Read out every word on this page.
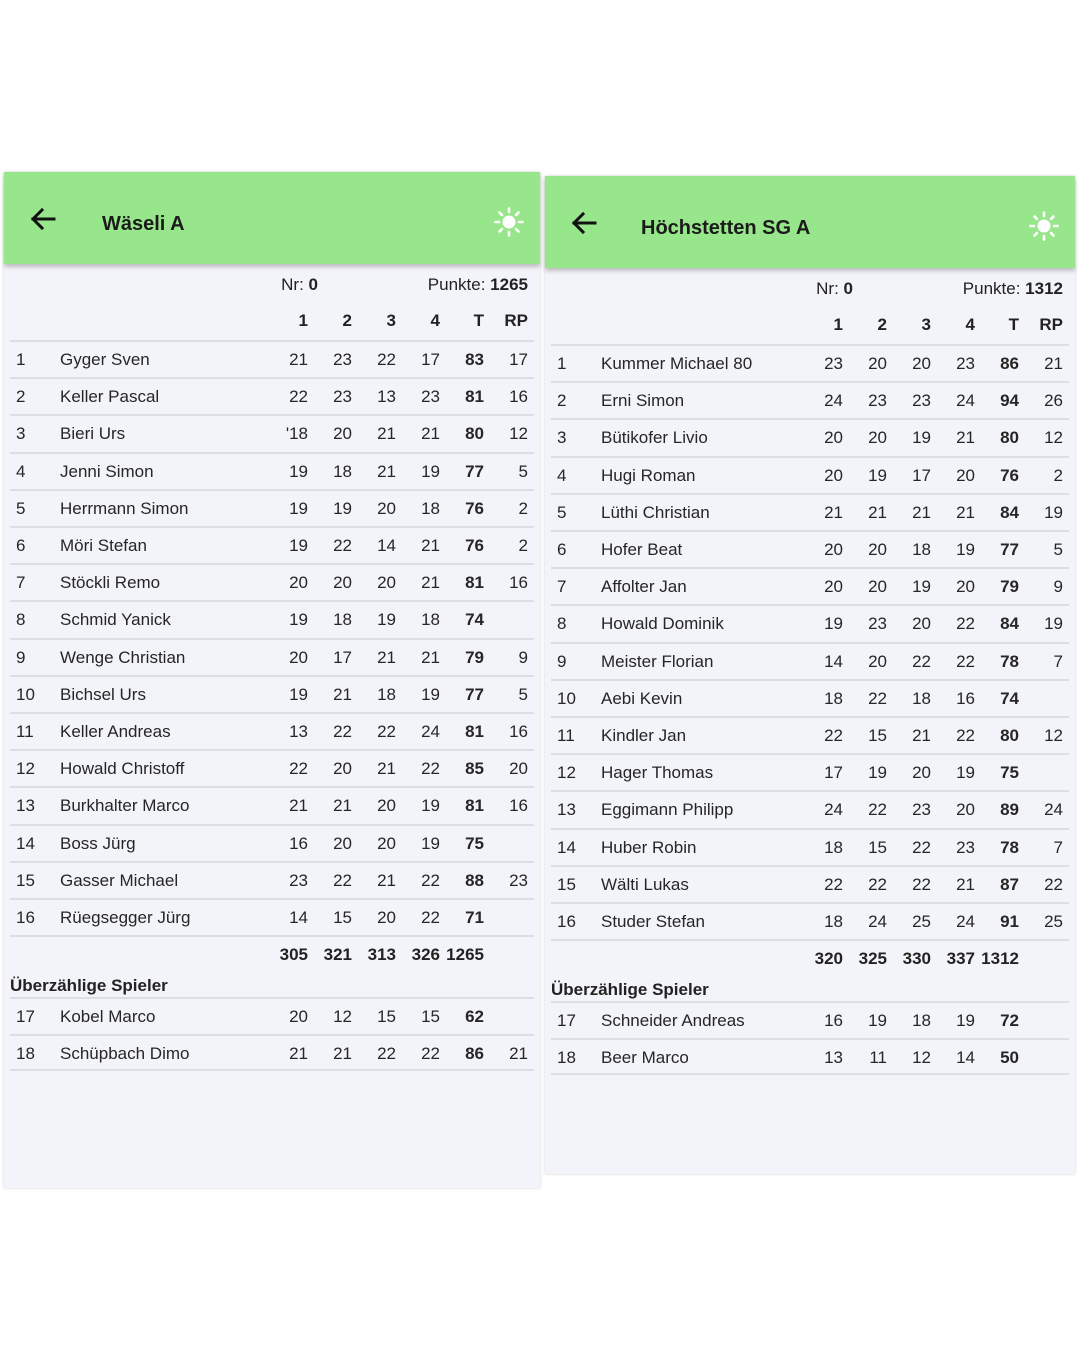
Wäseli A
Nr: 0	Punkte: 1265
1 2 3 4 T RP
1 Gyger Sven	21 23 22 17 83 17
2 Keller Pascal	22 23 13 23 81 16
3 Bieri Urs	'18 20 21 21 80 12
4 Jenni Simon	19 18 21 19 77 5
5 Herrmann Simon	19 19 20 18 76 2
6 Möri Stefan	19 22 14 21 76 2
7 Stöckli Remo	20 20 20 21 81 16
8 Schmid Yanick	19 18 19 18 74
9 Wenge Christian	20 17 21 21 79 9
10 Bichsel Urs	19 21 18 19 77 5
11 Keller Andreas	13 22 22 24 81 16
12 Howald Christoff	22 20 21 22 85 20
13 Burkhalter Marco	21 21 20 19 81 16
14 Boss Jürg	16 20 20 19 75
15 Gasser Michael	23 22 21 22 88 23
16 Rüegsegger Jürg	14 15 20 22 71
305 321 313 326 1265
Überzählige Spieler
17 Kobel Marco	20 12 15 15 62
18 Schüpbach Dimo	21 21 22 22 86 21
Höchstetten SG A
Nr: 0	Punkte: 1312
1 2 3 4 T RP
1 Kummer Michael 80	23 20 20 23 86 21
2 Erni Simon	24 23 23 24 94 26
3 Bütikofer Livio	20 20 19 21 80 12
4 Hugi Roman	20 19 17 20 76 2
5 Lüthi Christian	21 21 21 21 84 19
6 Hofer Beat	20 20 18 19 77 5
7 Affolter Jan	20 20 19 20 79 9
8 Howald Dominik	19 23 20 22 84 19
9 Meister Florian	14 20 22 22 78 7
10 Aebi Kevin	18 22 18 16 74
11 Kindler Jan	22 15 21 22 80 12
12 Hager Thomas	17 19 20 19 75
13 Eggimann Philipp	24 22 23 20 89 24
14 Huber Robin	18 15 22 23 78 7
15 Wälti Lukas	22 22 22 21 87 22
16 Studer Stefan	18 24 25 24 91 25
320 325 330 337 1312
Überzählige Spieler
17 Schneider Andreas	16 19 18 19 72
18 Beer Marco	13 11 12 14 50
